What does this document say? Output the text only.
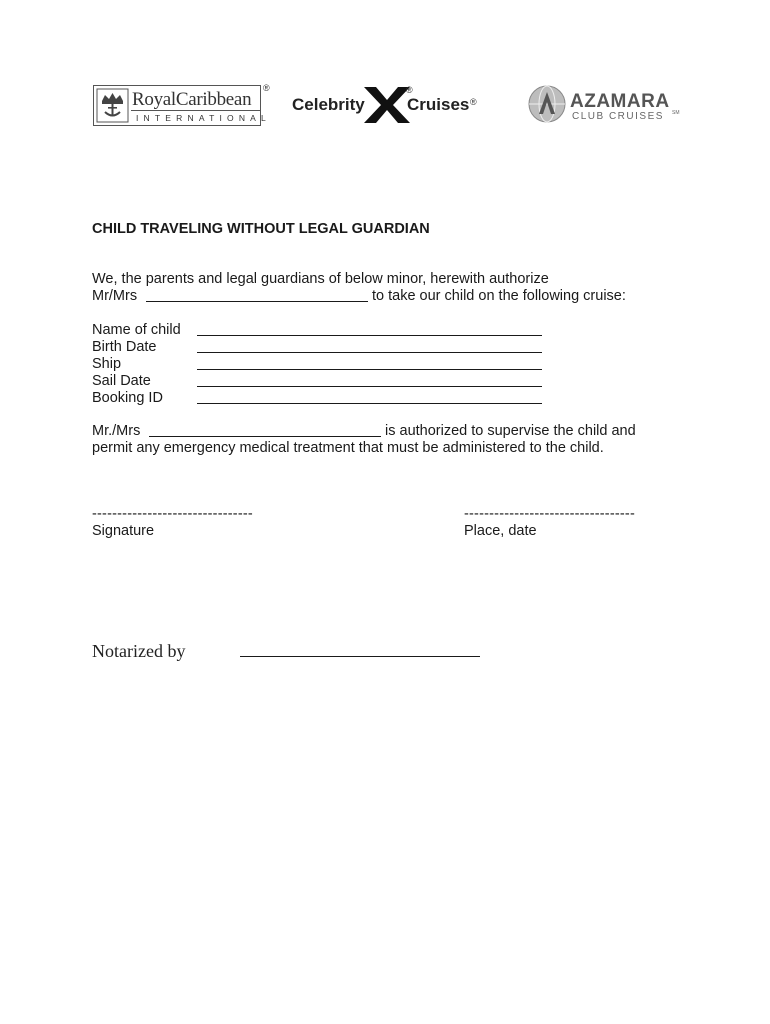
RoyalCaribbean
INTERNATIONAL
®
Celebrity
®
Cruises ®	AZAMARA
CLUB CRUISES SM
CHILD TRAVELING WITHOUT LEGAL GUARDIAN
We, the parents and legal guardians of below minor, herewith authorize
Mr/Mrs	to take our child on the following cruise:
Name of child
Birth Date
Ship
Sail Date
Booking ID
Mr./Mrs	is authorized to supervise the child and
permit any emergency medical treatment that must be administered to the child.
--------------------------------
Signature
----------------------------------
Place, date
Notarized by
